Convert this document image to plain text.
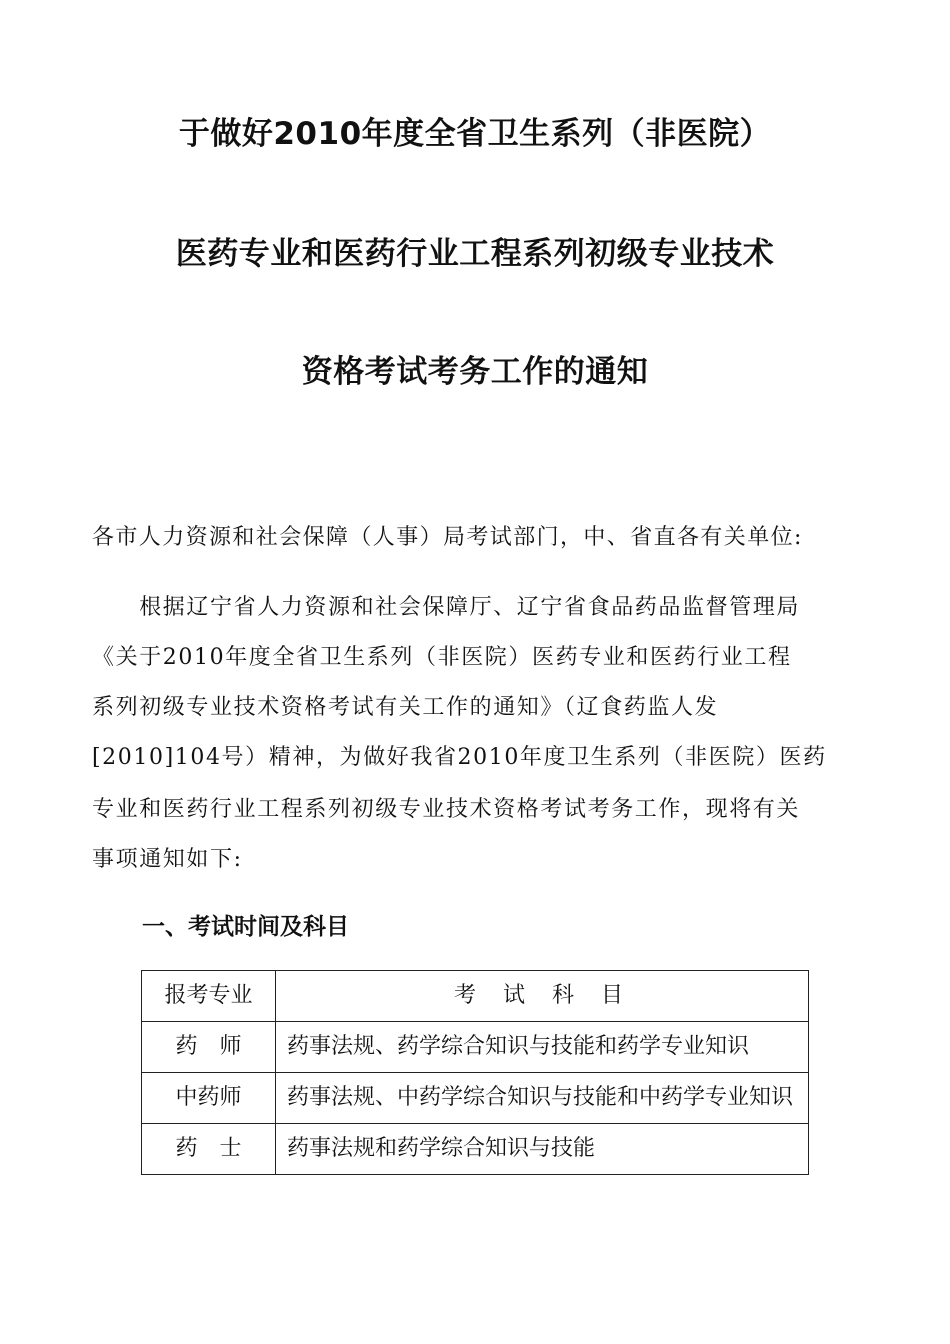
于做好2010年度全省卫生系列（非医院）
医药专业和医药行业工程系列初级专业技术
资格考试考务工作的通知
各市人力资源和社会保障（人事）局考试部门，中、省直各有关单位:
　　根据辽宁省人力资源和社会保障厅、辽宁省食品药品监督管理局
《关于2010年度全省卫生系列（非医院）医药专业和医药行业工程
系列初级专业技术资格考试有关工作的通知》（辽食药监人发
[2010]104号）精神，为做好我省2010年度卫生系列（非医院）医药
专业和医药行业工程系列初级专业技术资格考试考务工作，现将有关
事项通知如下:
一、考试时间及科目
报考专业	考 试 科 目

药　师	药事法规、药学综合知识与技能和药学专业知识

中药师	药事法规、中药学综合知识与技能和中药学专业知识

药　士	药事法规和药学综合知识与技能
